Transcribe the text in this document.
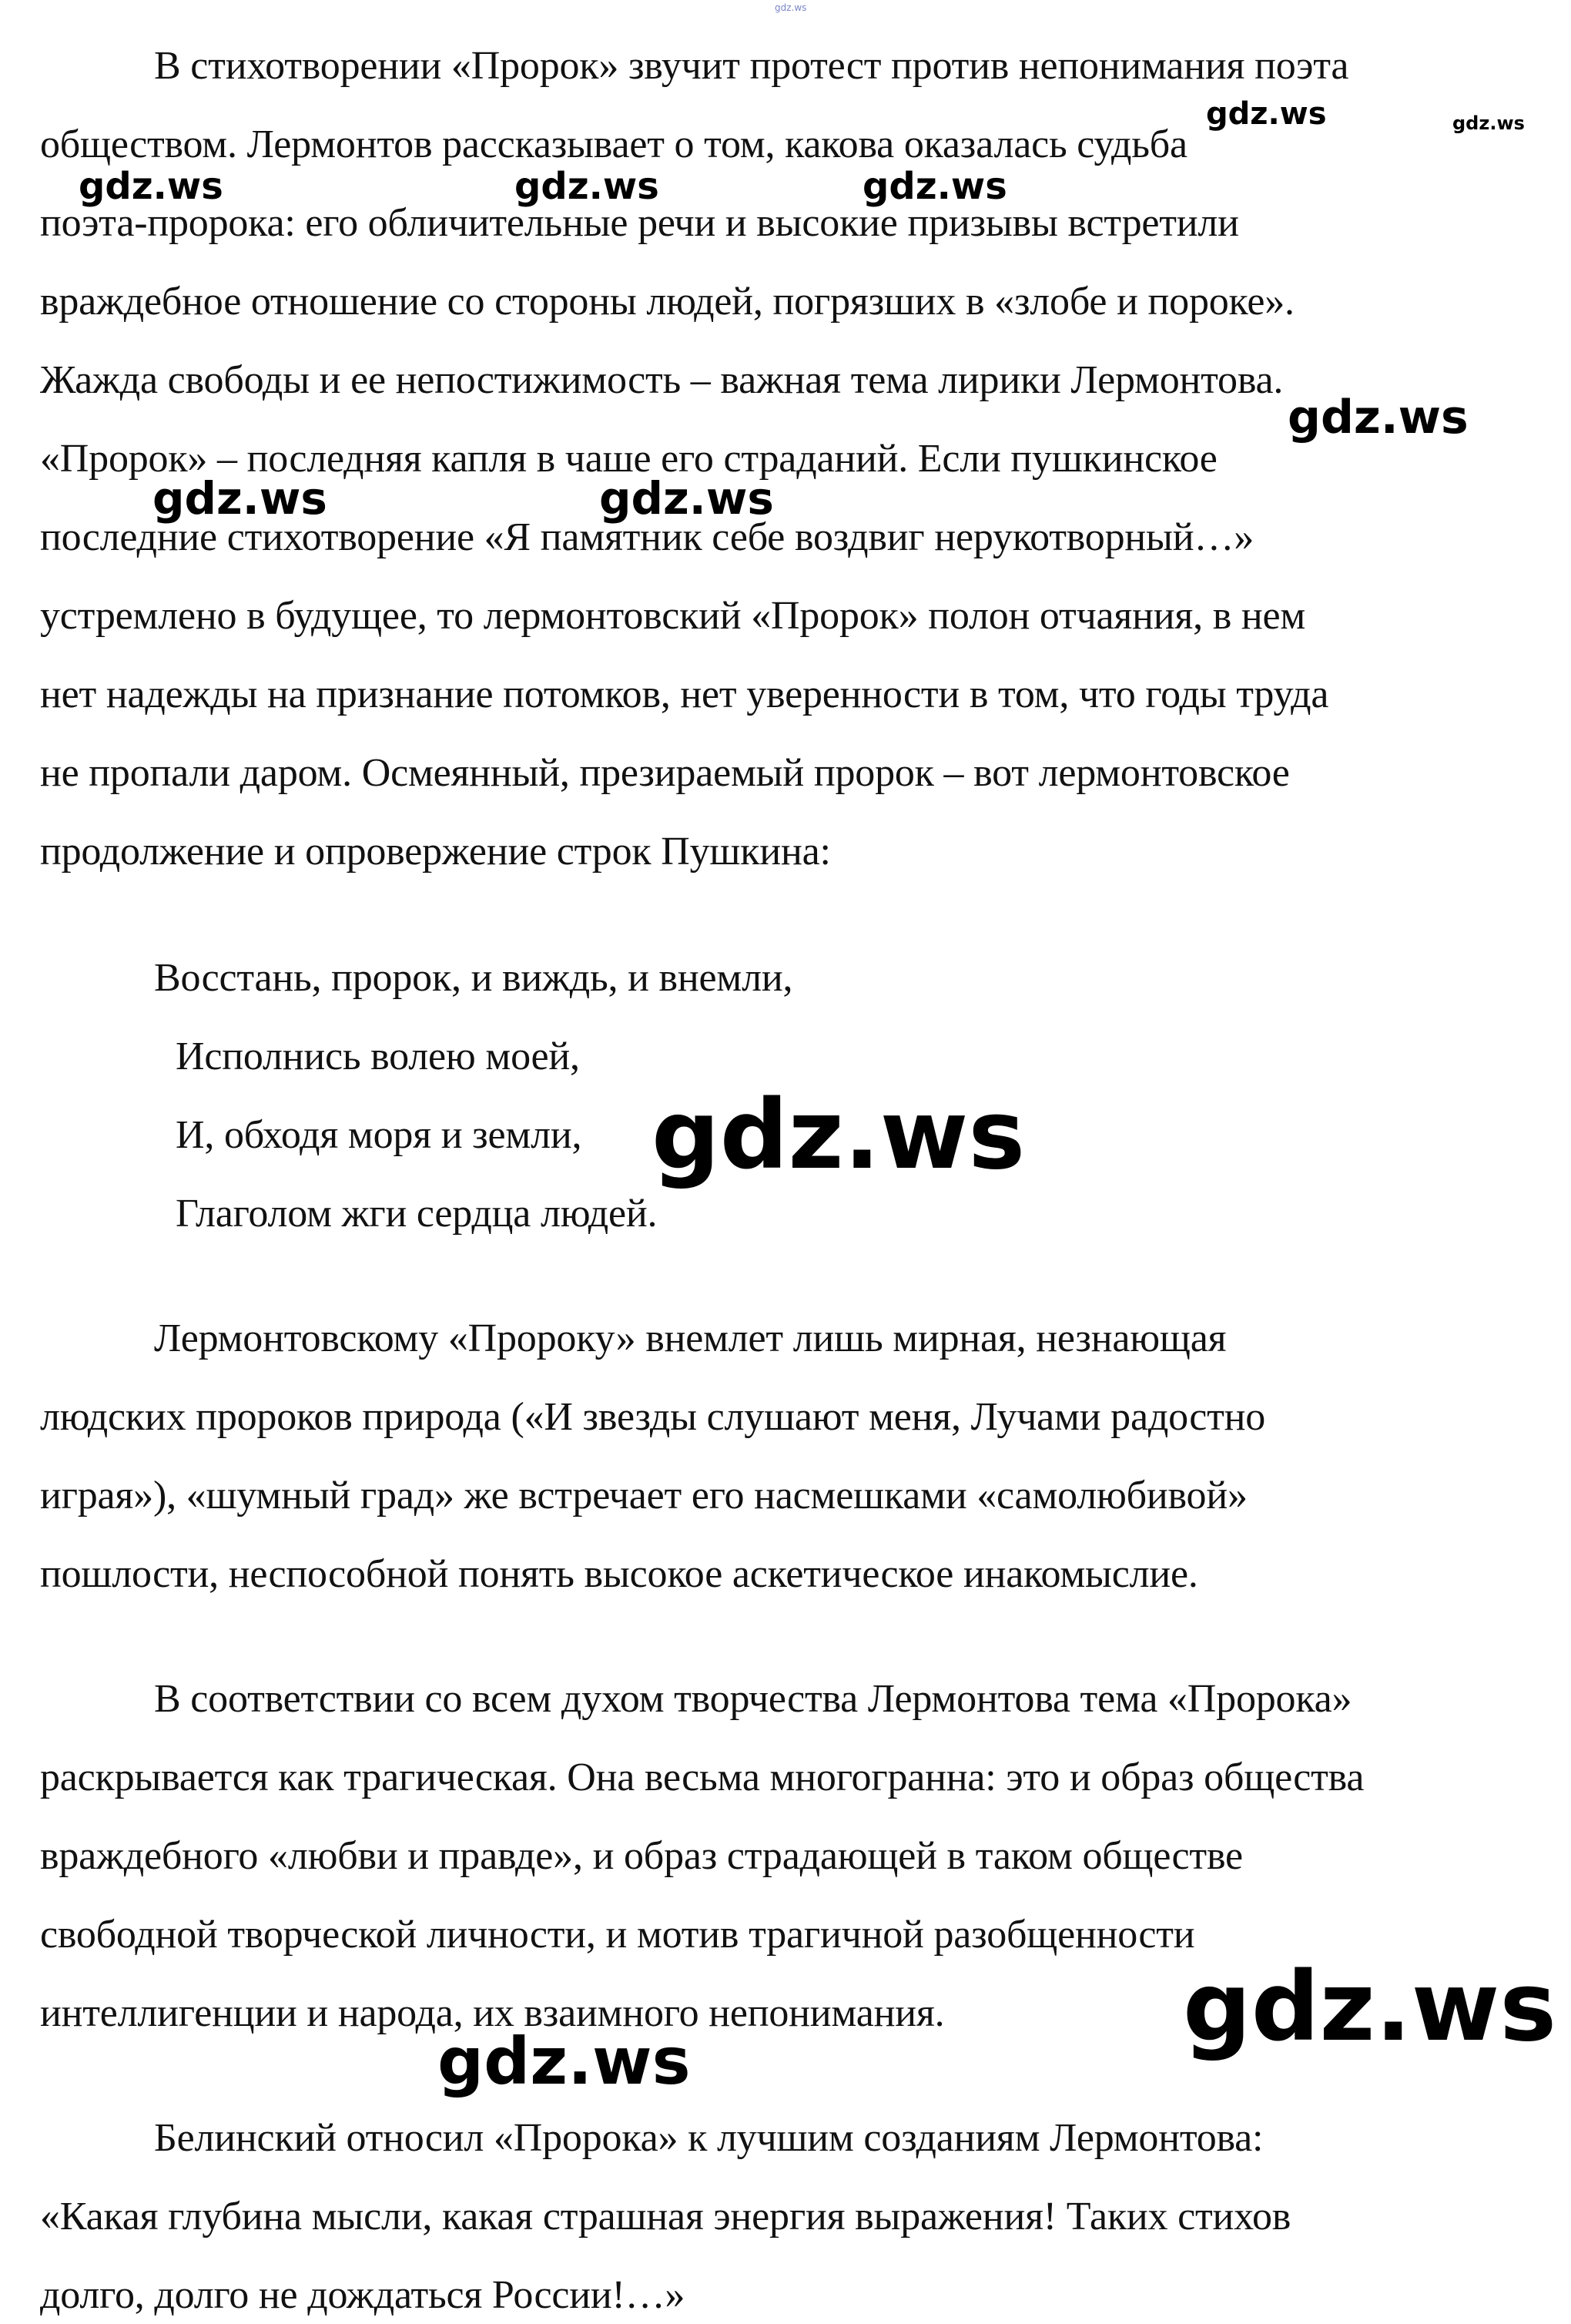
В стихотворении «Пророк» звучит протест против непонимания поэта
обществом. Лермонтов рассказывает о том, какова оказалась судьба
поэта-пророка: его обличительные речи и высокие призывы встретили
враждебное отношение со стороны людей, погрязших в «злобе и пороке».
Жажда свободы и ее непостижимость – важная тема лирики Лермонтова.
«Пророк» – последняя капля в чаше его страданий. Если пушкинское
последние стихотворение «Я памятник себе воздвиг нерукотворный…»
устремлено в будущее, то лермонтовский «Пророк» полон отчаяния, в нем
нет надежды на признание потомков, нет уверенности в том, что годы труда
не пропали даром. Осмеянный, презираемый пророк – вот лермонтовское
продолжение и опровержение строк Пушкина:
Восстань, пророк, и виждь, и внемли,
Исполнись волею моей,
И, обходя моря и земли,
Глаголом жги сердца людей.
Лермонтовскому «Пророку» внемлет лишь мирная, незнающая
людских пророков природа («И звезды слушают меня, Лучами радостно
играя»), «шумный град» же встречает его насмешками «самолюбивой»
пошлости, неспособной понять высокое аскетическое инакомыслие.
В соответствии со всем духом творчества Лермонтова тема «Пророка»
раскрывается как трагическая. Она весьма многогранна: это и образ общества
враждебного «любви и правде», и образ страдающей в таком обществе
свободной творческой личности, и мотив трагичной разобщенности
интеллигенции и народа, их взаимного непонимания.
Белинский относил «Пророка» к лучшим созданиям Лермонтова:
«Какая глубина мысли, какая страшная энергия выражения! Таких стихов
долго, долго не дождаться России!…»
gdz.ws
gdz.ws	gdz.ws
gdz.ws	gdz.ws	gdz.ws
gdz.ws
gdz.ws	gdz.ws
gdz.ws
gdz.ws
gdz.ws
